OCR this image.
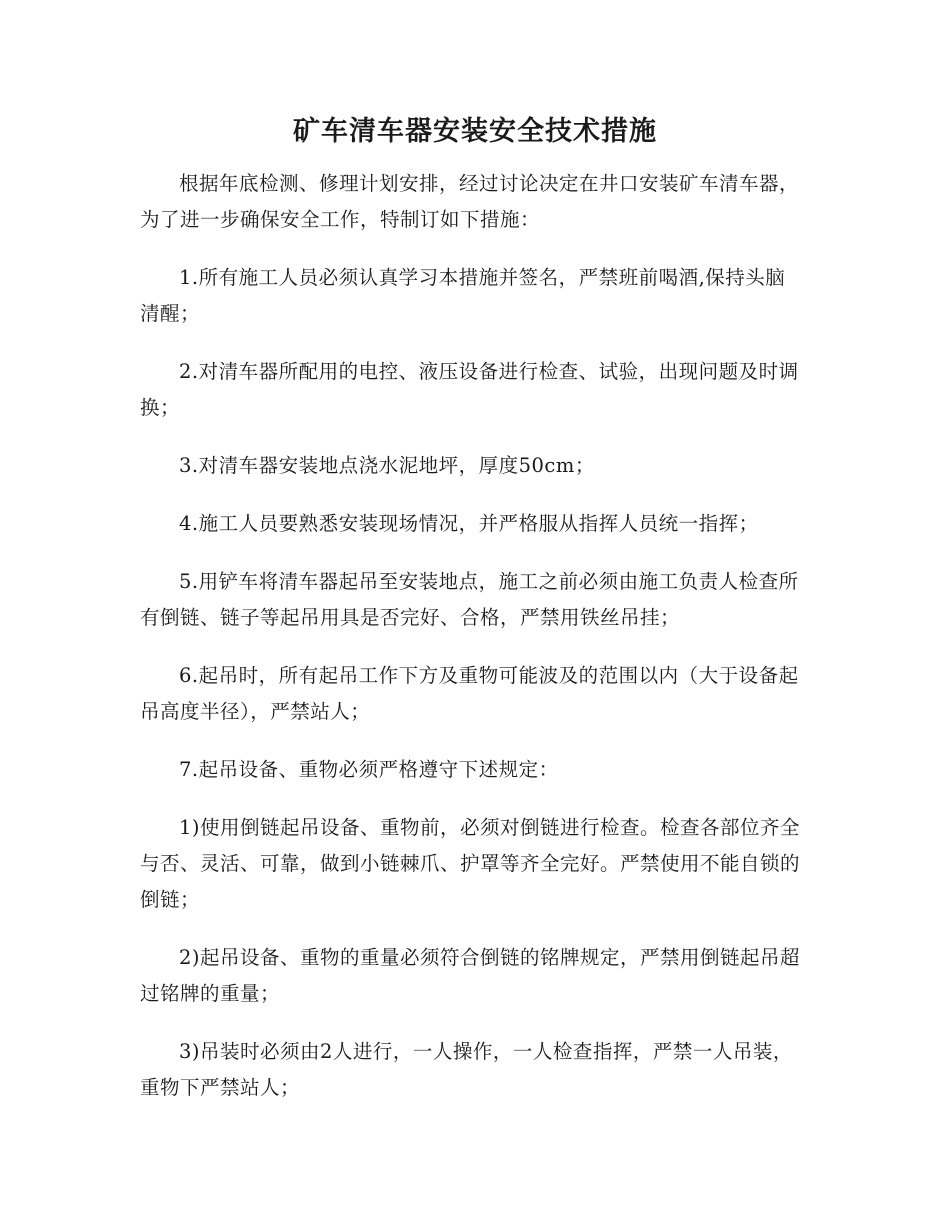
矿车清车器安装安全技术措施

根据年底检测、修理计划安排，经过讨论决定在井口安装矿车清车器，为了进一步确保安全工作，特制订如下措施：

1.所有施工人员必须认真学习本措施并签名，严禁班前喝酒,保持头脑清醒；

2.对清车器所配用的电控、液压设备进行检查、试验，出现问题及时调换；

3.对清车器安装地点浇水泥地坪，厚度50cm；

4.施工人员要熟悉安装现场情况，并严格服从指挥人员统一指挥；

5.用铲车将清车器起吊至安装地点，施工之前必须由施工负责人检查所有倒链、链子等起吊用具是否完好、合格，严禁用铁丝吊挂；

6.起吊时，所有起吊工作下方及重物可能波及的范围以内（大于设备起吊高度半径），严禁站人；

7.起吊设备、重物必须严格遵守下述规定：

1)使用倒链起吊设备、重物前，必须对倒链进行检查。检查各部位齐全与否、灵活、可靠，做到小链棘爪、护罩等齐全完好。严禁使用不能自锁的倒链；

2)起吊设备、重物的重量必须符合倒链的铭牌规定，严禁用倒链起吊超过铭牌的重量；

3)吊装时必须由2人进行，一人操作，一人检查指挥，严禁一人吊装，重物下严禁站人；
